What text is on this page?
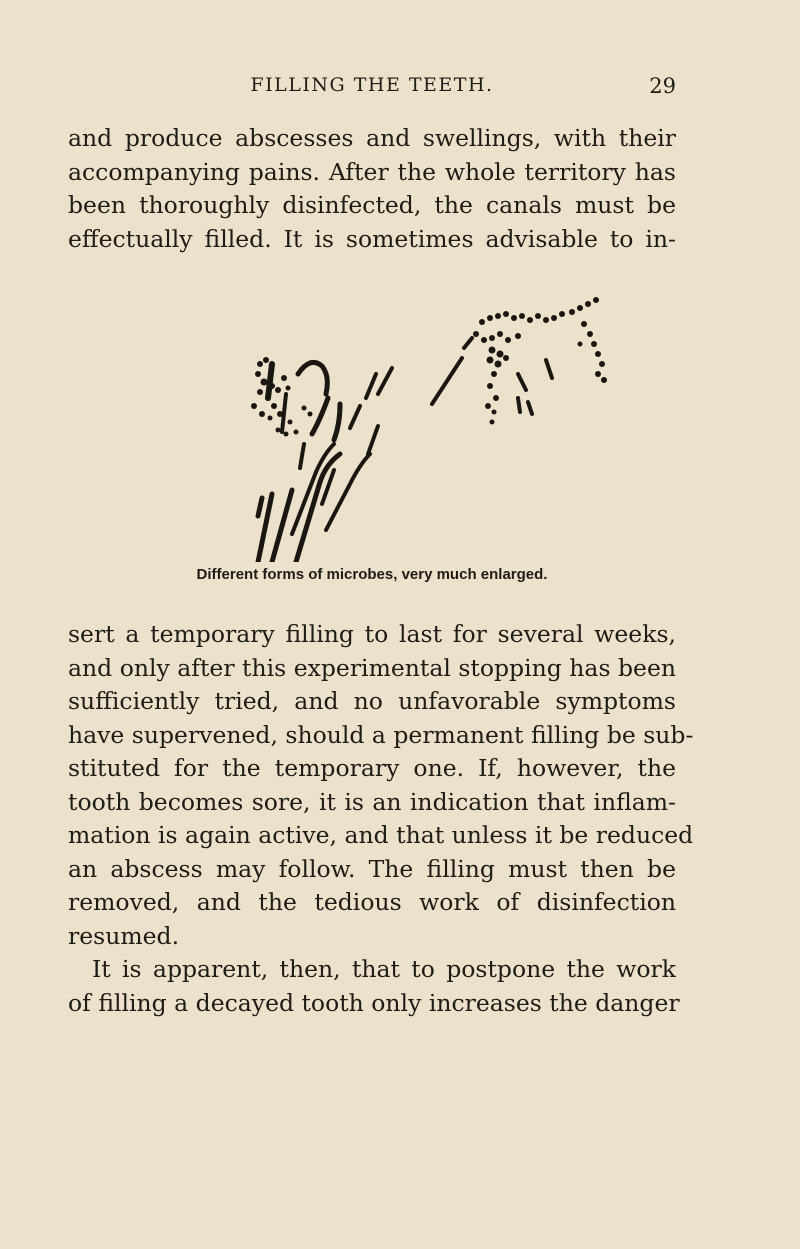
FILLING THE TEETH.	29
and produce abscesses and swellings, with their
accompanying pains. After the whole territory has
been thoroughly disinfected, the canals must be
effectually filled. It is sometimes advisable to in-
Different forms of microbes, very much enlarged.
sert a temporary filling to last for several weeks,
and only after this experimental stopping has been
sufficiently tried, and no unfavorable symptoms
have supervened, should a permanent filling be sub-
stituted for the temporary one. If, however, the
tooth becomes sore, it is an indication that inflam-
mation is again active, and that unless it be reduced
an abscess may follow. The filling must then be
removed, and the tedious work of disinfection
resumed.
It is apparent, then, that to postpone the work
of filling a decayed tooth only increases the danger
